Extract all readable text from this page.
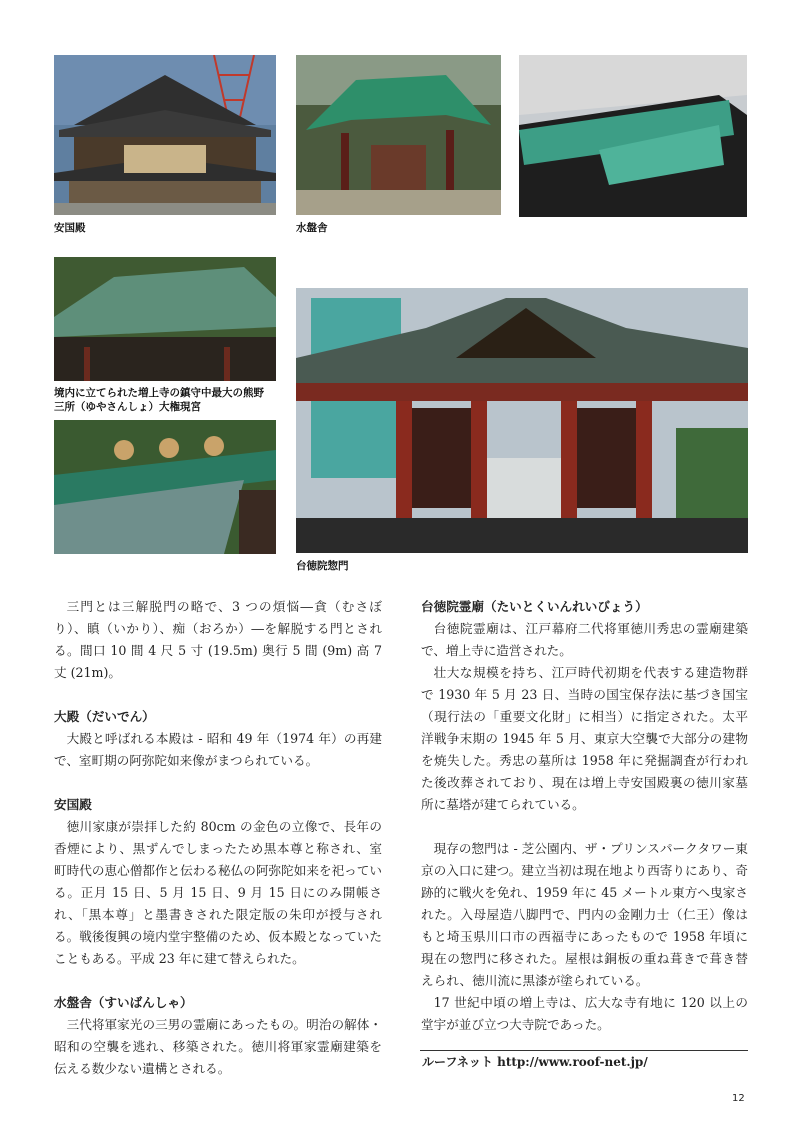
安国殿	水盤舎
境内に立てられた増上寺の鎮守中最大の熊野
三所（ゆやさんしょ）大権現宮
台徳院惣門

三門とは三解脱門の略で、3 つの煩悩―貪（むさぼり）、瞋（いかり）、痴（おろか）―を解脱する門とされる。間口 10 間 4 尺 5 寸 (19.5m) 奥行 5 間 (9m) 高 7 丈 (21m)。

大殿（だいでん）

大殿と呼ばれる本殿は - 昭和 49 年（1974 年）の再建で、室町期の阿弥陀如来像がまつられている。

安国殿

徳川家康が崇拝した約 80cm の金色の立像で、長年の香煙により、黒ずんでしまったため黒本尊と称され、室町時代の恵心僧都作と伝わる秘仏の阿弥陀如来を祀っている。正月 15 日、5 月 15 日、9 月 15 日にのみ開帳され、「黒本尊」と墨書きされた限定版の朱印が授与される。戦後復興の境内堂宇整備のため、仮本殿となっていたこともある。平成 23 年に建て替えられた。

水盤舎（すいばんしゃ）

三代将軍家光の三男の霊廟にあったもの。明治の解体・昭和の空襲を逃れ、移築された。徳川将軍家霊廟建築を伝える数少ない遺構とされる。

台徳院霊廟（たいとくいんれいびょう）

台徳院霊廟は、江戸幕府二代将軍徳川秀忠の霊廟建築で、増上寺に造営された。

壮大な規模を持ち、江戸時代初期を代表する建造物群で 1930 年 5 月 23 日、当時の国宝保存法に基づき国宝（現行法の「重要文化財」に相当）に指定された。太平洋戦争末期の 1945 年 5 月、東京大空襲で大部分の建物を焼失した。秀忠の墓所は 1958 年に発掘調査が行われた後改葬されており、現在は増上寺安国殿裏の徳川家墓所に墓塔が建てられている。

現存の惣門は - 芝公園内、ザ・プリンスパークタワー東京の入口に建つ。建立当初は現在地より西寄りにあり、奇跡的に戦火を免れ、1959 年に 45 メートル東方へ曳家された。入母屋造八脚門で、門内の金剛力士（仁王）像はもと埼玉県川口市の西福寺にあったもので 1958 年頃に現在の惣門に移された。屋根は銅板の重ね葺きで葺き替えられ、徳川流に黒漆が塗られている。

17 世紀中頃の増上寺は、広大な寺有地に 120 以上の堂宇が並び立つ大寺院であった。

ルーフネット http://www.roof-net.jp/
12
